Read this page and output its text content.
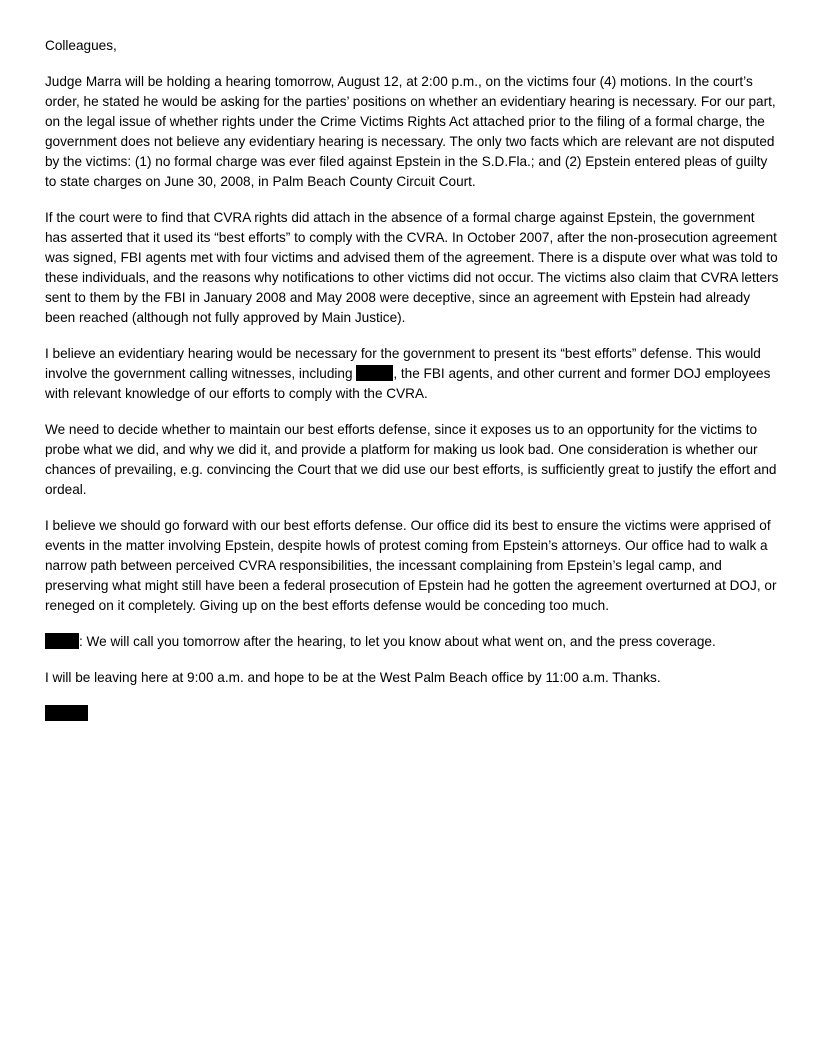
Colleagues,

Judge Marra will be holding a hearing tomorrow, August 12, at 2:00 p.m., on the victims four (4) motions. In the court’s order, he stated he would be asking for the parties’ positions on whether an evidentiary hearing is necessary. For our part, on the legal issue of whether rights under the Crime Victims Rights Act attached prior to the filing of a formal charge, the government does not believe any evidentiary hearing is necessary. The only two facts which are relevant are not disputed by the victims: (1) no formal charge was ever filed against Epstein in the S.D.Fla.; and (2) Epstein entered pleas of guilty to state charges on June 30, 2008, in Palm Beach County Circuit Court.

If the court were to find that CVRA rights did attach in the absence of a formal charge against Epstein, the government has asserted that it used its “best efforts” to comply with the CVRA. In October 2007, after the non-prosecution agreement was signed, FBI agents met with four victims and advised them of the agreement. There is a dispute over what was told to these individuals, and the reasons why notifications to other victims did not occur. The victims also claim that CVRA letters sent to them by the FBI in January 2008 and May 2008 were deceptive, since an agreement with Epstein had already been reached (although not fully approved by Main Justice).

I believe an evidentiary hearing would be necessary for the government to present its “best efforts” defense. This would involve the government calling witnesses, including	, the FBI agents, and other current and former DOJ employees with relevant knowledge of our efforts to comply with the CVRA.

We need to decide whether to maintain our best efforts defense, since it exposes us to an opportunity for the victims to probe what we did, and why we did it, and provide a platform for making us look bad. One consideration is whether our chances of prevailing, e.g. convincing the Court that we did use our best efforts, is sufficiently great to justify the effort and ordeal.

I believe we should go forward with our best efforts defense. Our office did its best to ensure the victims were apprised of events in the matter involving Epstein, despite howls of protest coming from Epstein’s attorneys. Our office had to walk a narrow path between perceived CVRA responsibilities, the incessant complaining from Epstein’s legal camp, and preserving what might still have been a federal prosecution of Epstein had he gotten the agreement overturned at DOJ, or reneged on it completely. Giving up on the best efforts defense would be conceding too much.

: We will call you tomorrow after the hearing, to let you know about what went on, and the press coverage.

I will be leaving here at 9:00 a.m. and hope to be at the West Palm Beach office by 11:00 a.m. Thanks.
